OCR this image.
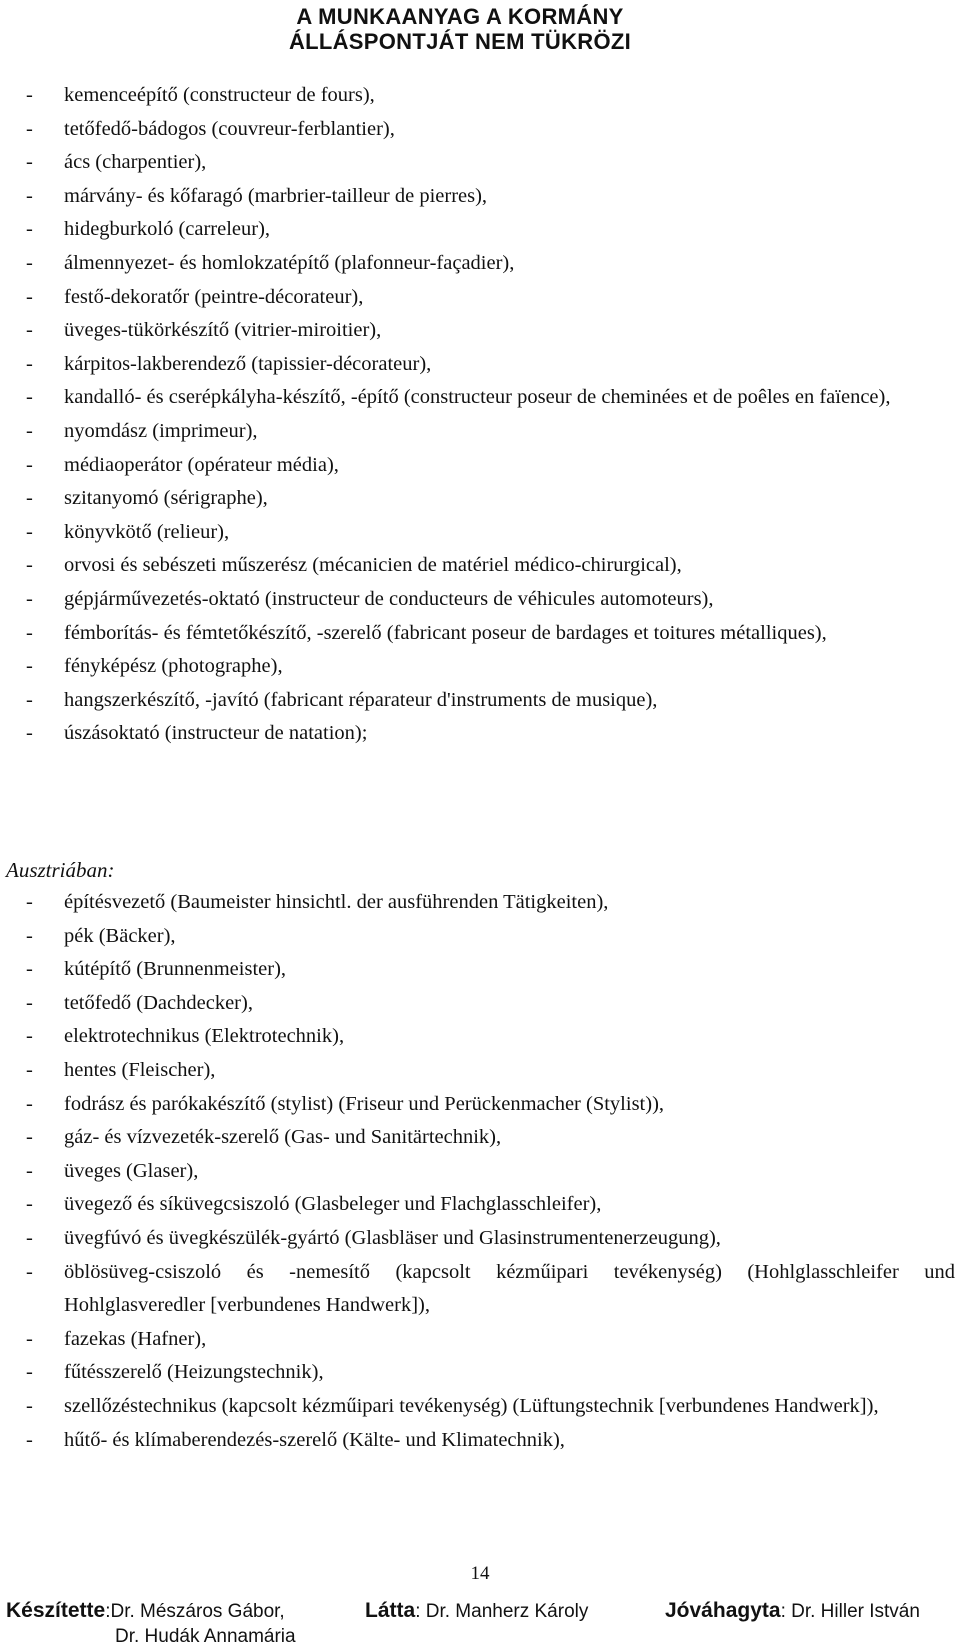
A MUNKAANYAG A KORMÁNY
ÁLLÁSPONTJÁT NEM TÜKRÖZI
- kemenceépítő (constructeur de fours),
- tetőfedő-bádogos (couvreur-ferblantier),
- ács (charpentier),
- márvány- és kőfaragó (marbrier-tailleur de pierres),
- hidegburkoló (carreleur),
- álmennyezet- és homlokzatépítő (plafonneur-façadier),
- festő-dekoratőr (peintre-décorateur),
- üveges-tükörkészítő (vitrier-miroitier),
- kárpitos-lakberendező (tapissier-décorateur),
- kandalló- és cserépkályha-készítő, -építő (constructeur poseur de cheminées et de poêles en faïence),
- nyomdász (imprimeur),
- médiaoperátor (opérateur média),
- szitanyomó (sérigraphe),
- könyvkötő (relieur),
- orvosi és sebészeti műszerész (mécanicien de matériel médico-chirurgical),
- gépjárművezetés-oktató (instructeur de conducteurs de véhicules automoteurs),
- fémborítás- és fémtetőkészítő, -szerelő (fabricant poseur de bardages et toitures métalliques),
- fényképész (photographe),
- hangszerkészítő, -javító (fabricant réparateur d'instruments de musique),
- úszásoktató (instructeur de natation);
Ausztriában:
- építésvezető (Baumeister hinsichtl. der ausführenden Tätigkeiten),
- pék (Bäcker),
- kútépítő (Brunnenmeister),
- tetőfedő (Dachdecker),
- elektrotechnikus (Elektrotechnik),
- hentes (Fleischer),
- fodrász és parókakészítő (stylist) (Friseur und Perückenmacher (Stylist)),
- gáz- és vízvezeték-szerelő (Gas- und Sanitärtechnik),
- üveges (Glaser),
- üvegező és síküvegcsiszoló (Glasbeleger und Flachglasschleifer),
- üvegfúvó és üvegkészülék-gyártó (Glasbläser und Glasinstrumentenerzeugung),
- öblösüveg-csiszoló és -nemesítő (kapcsolt kézműipari tevékenység) (Hohlglasschleifer und Hohlglasveredler [verbundenes Handwerk]),
- fazekas (Hafner),
- fűtésszerelő (Heizungstechnik),
- szellőzéstechnikus (kapcsolt kézműipari tevékenység) (Lüftungstechnik [verbundenes Handwerk]),
- hűtő- és klímaberendezés-szerelő (Kälte- und Klimatechnik),
14
Készítette:Dr. Mészáros Gábor,
Dr. Hudák Annamária
Látta: Dr. Manherz Károly	Jóváhagyta: Dr. Hiller István
